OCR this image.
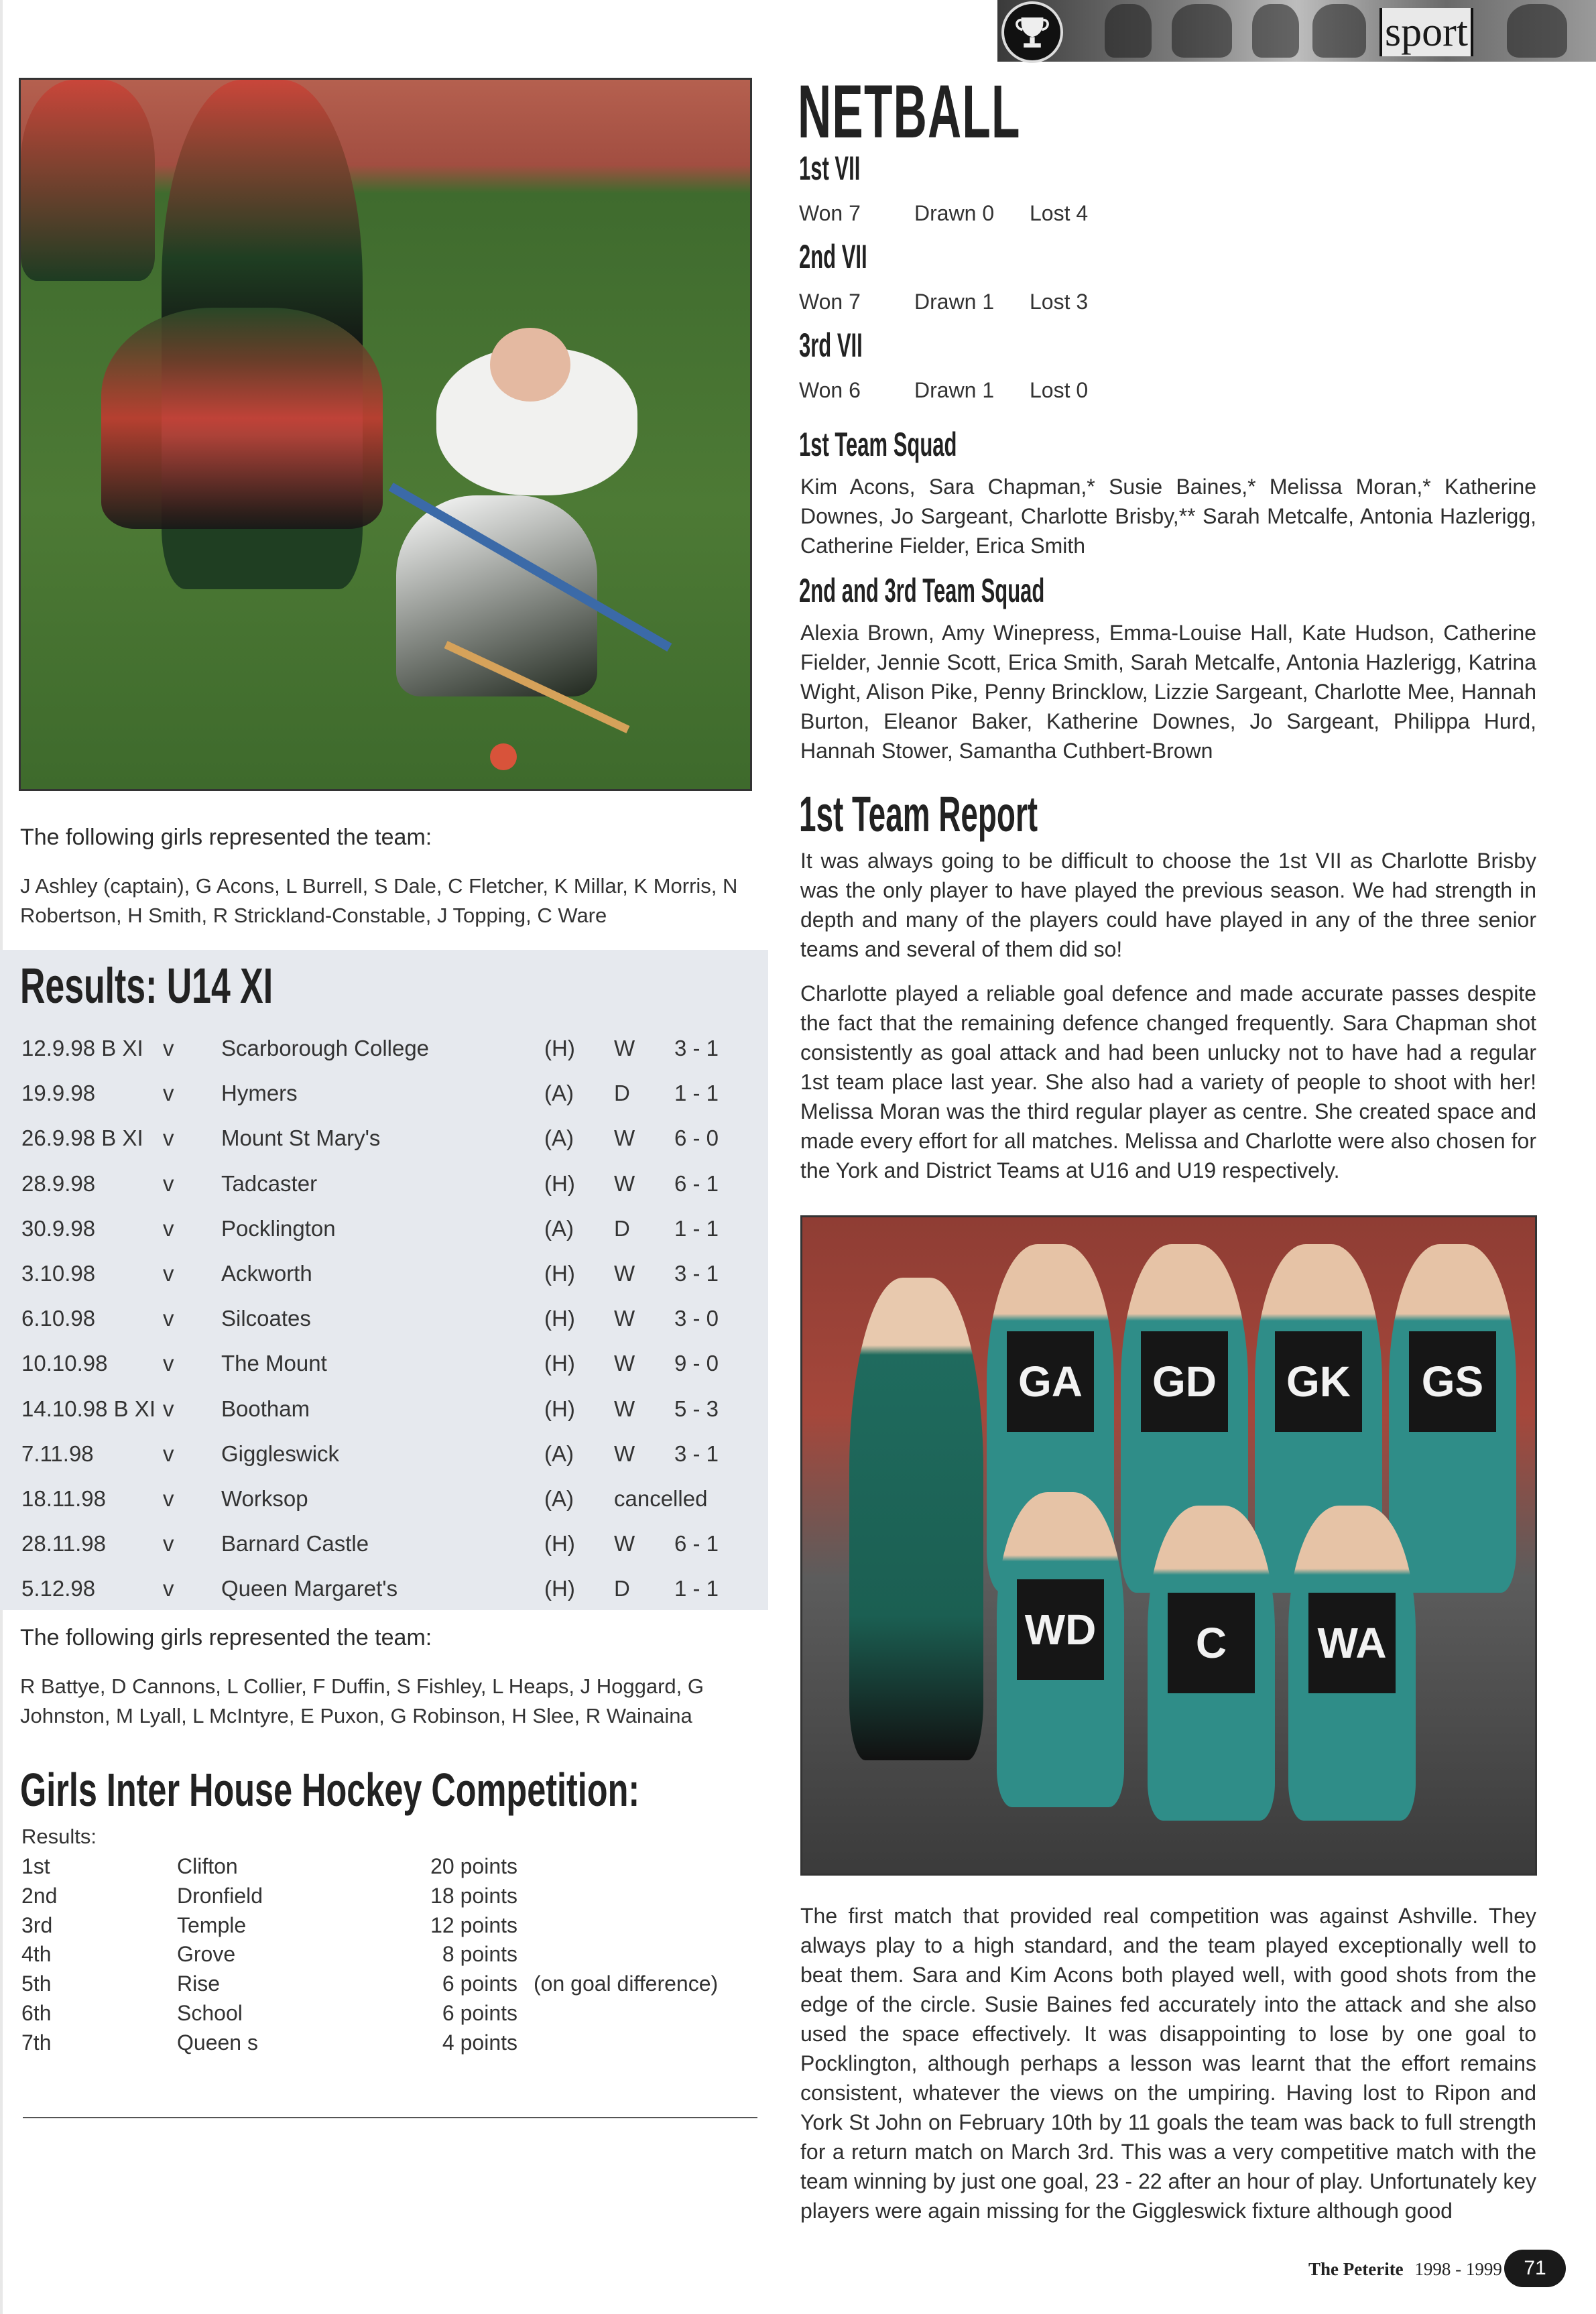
sport
The following girls represented the team:
J Ashley (captain), G Acons, L Burrell, S Dale, C Fletcher, K Millar, K Morris, N Robertson, H Smith, R Strickland-Constable, J Topping, C Ware
Results: U14 XI
12.9.98 B XI v Scarborough College	(H) W 3 - 1
19.9.98	v Hymers	(A) D 1 - 1
26.9.98 B XI v Mount St Mary's	(A) W 6 - 0
28.9.98	v Tadcaster	(H) W 6 - 1
30.9.98	v Pocklington	(A) D 1 - 1
3.10.98	v Ackworth	(H) W 3 - 1
6.10.98	v Silcoates	(H) W 3 - 0
10.10.98	v The Mount	(H) W 9 - 0
14.10.98 B XI v Bootham	(H) W 5 - 3
7.11.98	v Giggleswick	(A) W 3 - 1
18.11.98	v Worksop	(A) cancelled
28.11.98	v Barnard Castle	(H) W 6 - 1
5.12.98	v Queen Margaret's	(H) D 1 - 1
The following girls represented the team:
R Battye, D Cannons, L Collier, F Duffin, S Fishley, L Heaps, J Hoggard, G Johnston, M Lyall, L McIntyre, E Puxon, G Robinson, H Slee, R Wainaina
Girls Inter House Hockey Competition:
Results:
1st	Clifton	20 points
2nd	Dronfield	18 points
3rd	Temple	12 points
4th	Grove	8 points
5th	Rise	6 points (on goal difference)
6th	School	6 points
7th	Queen s	4 points
NETBALL
1st VII
Won 7	Drawn 0 Lost 4
2nd VII
Won 7	Drawn 1 Lost 3
3rd VII
Won 6	Drawn 1 Lost 0
1st Team Squad
Kim Acons, Sara Chapman,* Susie Baines,* Melissa Moran,* Katherine Downes, Jo Sargeant, Charlotte Brisby,** Sarah Metcalfe, Antonia Hazlerigg, Catherine Fielder, Erica Smith
2nd and 3rd Team Squad
Alexia Brown, Amy Winepress, Emma-Louise Hall, Kate Hudson, Catherine Fielder, Jennie Scott, Erica Smith, Sarah Metcalfe, Antonia Hazlerigg, Katrina Wight, Alison Pike, Penny Brincklow, Lizzie Sargeant, Charlotte Mee, Hannah Burton, Eleanor Baker, Katherine Downes, Jo Sargeant, Philippa Hurd, Hannah Stower, Samantha Cuthbert-Brown
1st Team Report
It was always going to be difficult to choose the 1st VII as Charlotte Brisby was the only player to have played the previous season. We had strength in depth and many of the players could have played in any of the three senior teams and several of them did so!
Charlotte played a reliable goal defence and made accurate passes despite the fact that the remaining defence changed frequently. Sara Chapman shot consistently as goal attack and had been unlucky not to have had a regular 1st team place last year. She also had a variety of people to shoot with her! Melissa Moran was the third regular player as centre. She created space and made every effort for all matches. Melissa and Charlotte were also chosen for the York and District Teams at U16 and U19 respectively.
GA GD GK GS
WD	C	WA
The first match that provided real competition was against Ashville. They always play to a high standard, and the team played exceptionally well to beat them. Sara and Kim Acons both played well, with good shots from the edge of the circle. Susie Baines fed accurately into the attack and she also used the space effectively. It was disappointing to lose by one goal to Pocklington, although perhaps a lesson was learnt that the effort remains consistent, whatever the views on the umpiring. Having lost to Ripon and York St John on February 10th by 11 goals the team was back to full strength for a return match on March 3rd. This was a very competitive match with the team winning by just one goal, 23 - 22 after an hour of play. Unfortunately key players were again missing for the Giggleswick fixture although good
The Peterite 1998 - 1999	71
